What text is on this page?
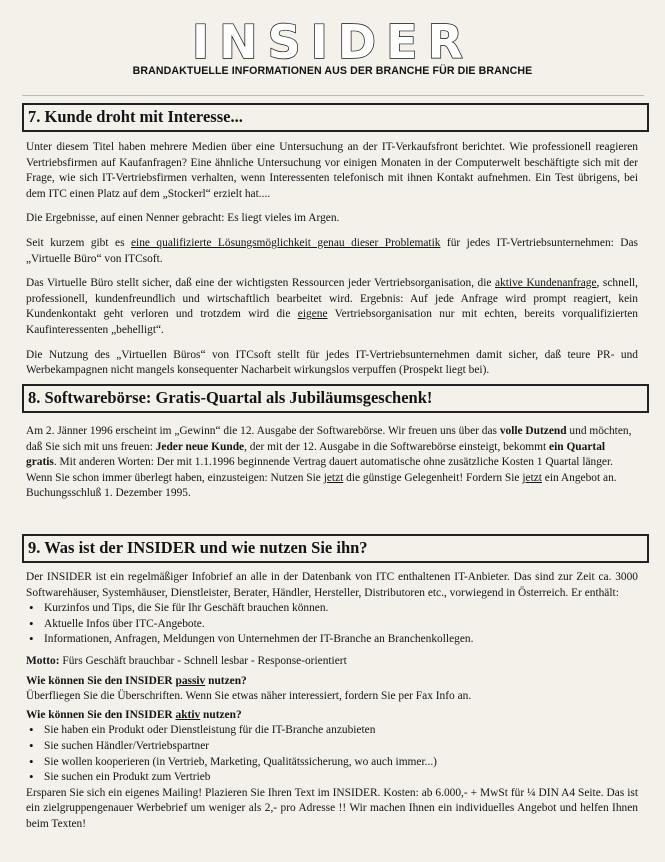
INSIDER
BRANDAKTUELLE INFORMATIONEN AUS DER BRANCHE FÜR DIE BRANCHE
7. Kunde droht mit Interesse...

Unter diesem Titel haben mehrere Medien über eine Untersuchung an der IT-Verkaufsfront berichtet. Wie professionell reagieren Vertriebsfirmen auf Kaufanfragen? Eine ähnliche Untersuchung vor einigen Monaten in der Computerwelt beschäftigte sich mit der Frage, wie sich IT-Vertriebsfirmen verhalten, wenn Interessenten telefonisch mit ihnen Kontakt aufnehmen. Ein Test übrigens, bei dem ITC einen Platz auf dem „Stockerl“ erzielt hat....

Die Ergebnisse, auf einen Nenner gebracht: Es liegt vieles im Argen.

Seit kurzem gibt es eine qualifizierte Lösungsmöglichkeit genau dieser Problematik für jedes IT-Vertriebsunternehmen: Das „Virtuelle Büro“ von ITCsoft.

Das Virtuelle Büro stellt sicher, daß eine der wichtigsten Ressourcen jeder Vertriebsorganisation, die aktive Kundenanfrage, schnell, professionell, kundenfreundlich und wirtschaftlich bearbeitet wird. Ergebnis: Auf jede Anfrage wird prompt reagiert, kein Kundenkontakt geht verloren und trotzdem wird die eigene Vertriebsorganisation nur mit echten, bereits vorqualifizierten Kaufinteressenten „behelligt“.

Die Nutzung des „Virtuellen Büros“ von ITCsoft stellt für jedes IT-Vertriebsunternehmen damit sicher, daß teure PR- und Werbekampagnen nicht mangels konsequenter Nacharbeit wirkungslos verpuffen (Prospekt liegt bei).

8. Softwarebörse: Gratis-Quartal als Jubiläumsgeschenk!

Am 2. Jänner 1996 erscheint im „Gewinn“ die 12. Ausgabe der Softwarebörse. Wir freuen uns über das volle Dutzend und möchten, daß Sie sich mit uns freuen: Jeder neue Kunde, der mit der 12. Ausgabe in die Softwarebörse einsteigt, bekommt ein Quartal gratis. Mit anderen Worten: Der mit 1.1.1996 beginnende Vertrag dauert automatische ohne zusätzliche Kosten 1 Quartal länger.

Wenn Sie schon immer überlegt haben, einzusteigen: Nutzen Sie jetzt die günstige Gelegenheit! Fordern Sie jetzt ein Angebot an. Buchungsschluß 1. Dezember 1995.

9. Was ist der INSIDER und wie nutzen Sie ihn?

Der INSIDER ist ein regelmäßiger Infobrief an alle in der Datenbank von ITC enthaltenen IT-Anbieter. Das sind zur Zeit ca. 3000 Softwarehäuser, Systemhäuser, Dienstleister, Berater, Händler, Hersteller, Distributoren etc., vorwiegend in Österreich. Er enthält:

• Kurzinfos und Tips, die Sie für Ihr Geschäft brauchen können.
• Aktuelle Infos über ITC-Angebote.
• Informationen, Anfragen, Meldungen von Unternehmen der IT-Branche an Branchenkollegen.

Motto: Fürs Geschäft brauchbar - Schnell lesbar - Response-orientiert

Wie können Sie den INSIDER passiv nutzen?

Überfliegen Sie die Überschriften. Wenn Sie etwas näher interessiert, fordern Sie per Fax Info an.

Wie können Sie den INSIDER aktiv nutzen?

• Sie haben ein Produkt oder Dienstleistung für die IT-Branche anzubieten
• Sie suchen Händler/Vertriebspartner
• Sie wollen kooperieren (in Vertrieb, Marketing, Qualitätssicherung, wo auch immer...)
• Sie suchen ein Produkt zum Vertrieb

Ersparen Sie sich ein eigenes Mailing! Plazieren Sie Ihren Text im INSIDER. Kosten: ab 6.000,- + MwSt für ¼ DIN A4 Seite. Das ist ein zielgruppengenauer Werbebrief um weniger als 2,- pro Adresse !! Wir machen Ihnen ein individuelles Angebot und helfen Ihnen beim Texten!
